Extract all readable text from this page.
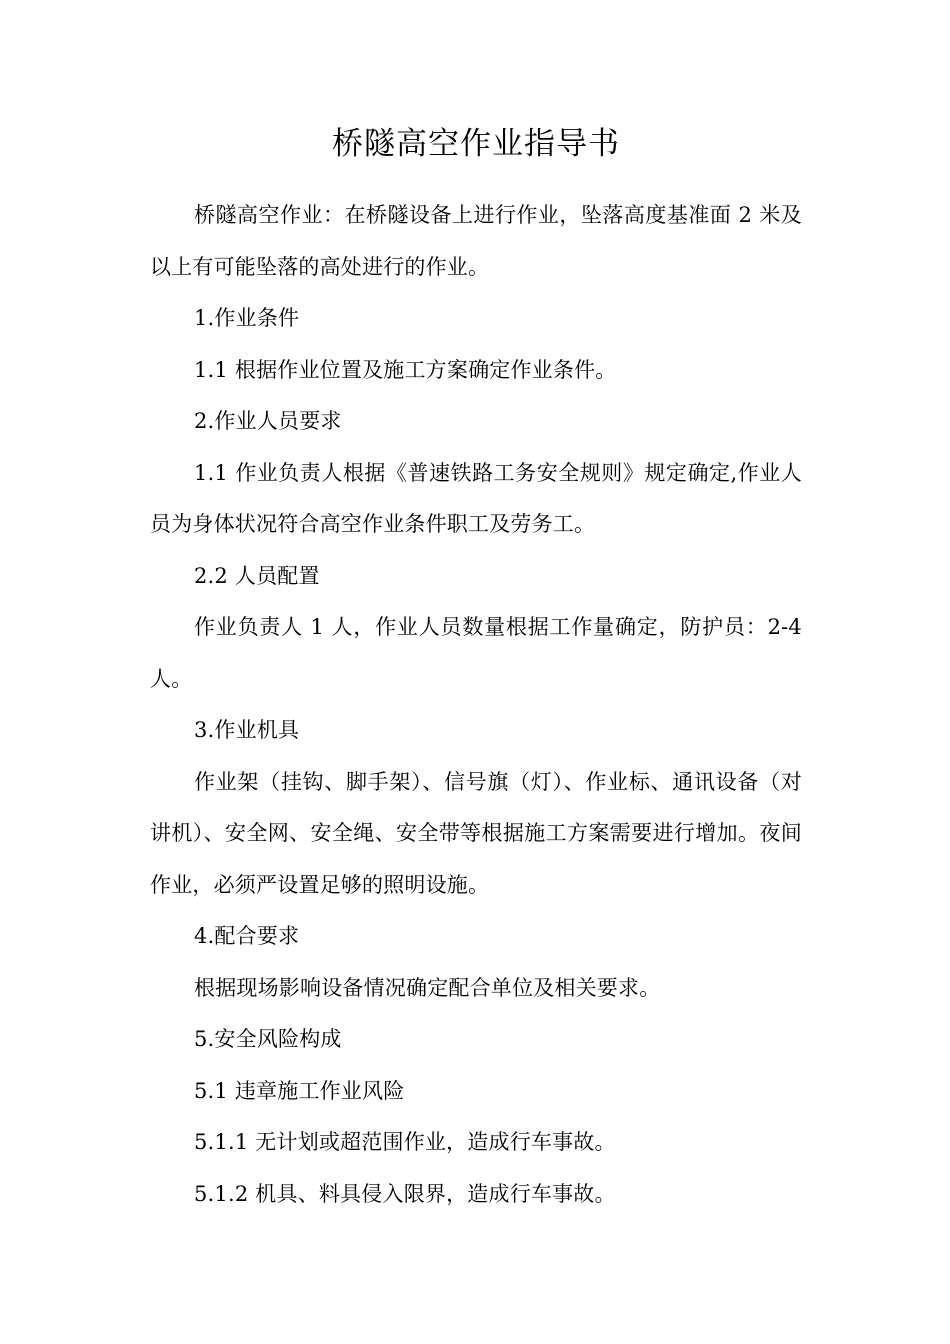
桥隧高空作业指导书

桥隧高空作业：在桥隧设备上进行作业，坠落高度基准面 2 米及以上有可能坠落的高处进行的作业。

1.作业条件

1.1 根据作业位置及施工方案确定作业条件。

2.作业人员要求

1.1 作业负责人根据《普速铁路工务安全规则》规定确定,作业人员为身体状况符合高空作业条件职工及劳务工。

2.2 人员配置

作业负责人 1 人，作业人员数量根据工作量确定，防护员：2-4 人。

3.作业机具

作业架（挂钩、脚手架）、信号旗（灯）、作业标、通讯设备（对讲机）、安全网、安全绳、安全带等根据施工方案需要进行增加。夜间作业，必须严设置足够的照明设施。

4.配合要求

根据现场影响设备情况确定配合单位及相关要求。

5.安全风险构成

5.1 违章施工作业风险

5.1.1 无计划或超范围作业，造成行车事故。

5.1.2 机具、料具侵入限界，造成行车事故。
